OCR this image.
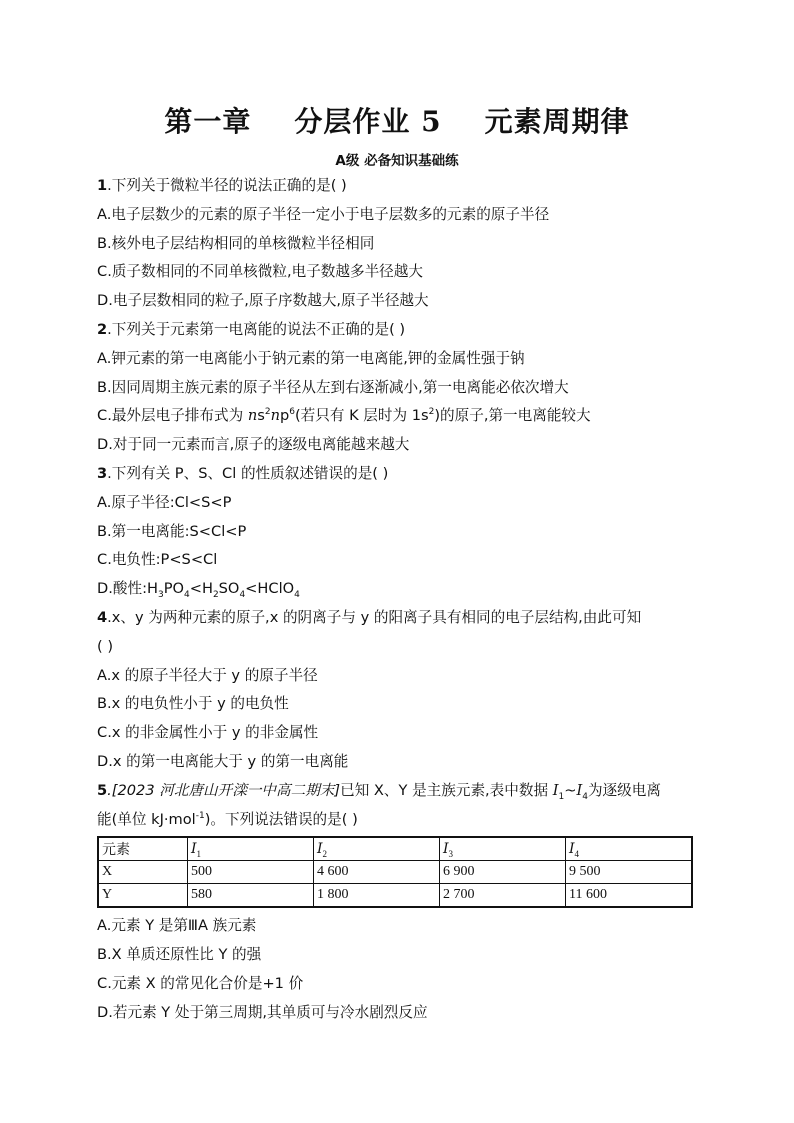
第一章    分层作业 5    元素周期律
A级 必备知识基础练
1.下列关于微粒半径的说法正确的是( )
A.电子层数少的元素的原子半径一定小于电子层数多的元素的原子半径
B.核外电子层结构相同的单核微粒半径相同
C.质子数相同的不同单核微粒,电子数越多半径越大
D.电子层数相同的粒子,原子序数越大,原子半径越大
2.下列关于元素第一电离能的说法不正确的是( )
A.钾元素的第一电离能小于钠元素的第一电离能,钾的金属性强于钠
B.因同周期主族元素的原子半径从左到右逐渐减小,第一电离能必依次增大
C.最外层电子排布式为 $ns^2np^6$(若只有 K 层时为 $1s^2$)的原子,第一电离能较大
D.对于同一元素而言,原子的逐级电离能越来越大
3.下列有关 P、S、Cl 的性质叙述错误的是( )
A.原子半径:Cl<S<P
B.第一电离能:S<Cl<P
C.电负性:P<S<Cl
D.酸性$:H_3PO_4<H_2SO_4<HClO_4$
4.x、y 为两种元素的原子,x 的阴离子与 y 的阳离子具有相同的电子层结构,由此可知
( )
A.x 的原子半径大于 y 的原子半径
B.x 的电负性小于 y 的电负性
C.x 的非金属性小于 y 的非金属性
D.x 的第一电离能大于 y 的第一电离能
5.[2023 河北唐山开滦一中高二期末]已知 X、Y 是主族元素,表中数据 $I_1\sim I_4$为逐级电离
能(单位 kJ·mol$^{-1}$)。下列说法错误的是( )
元素	$I_1$	$I_2$	$I_3$	$I_4$
X	500	4 600	6 900	9 500
Y	580	1 800	2 700	11 600
A.元素 Y 是第ⅢA 族元素
B.X 单质还原性比 Y 的强
C.元素 X 的常见化合价是+1 价
D.若元素 Y 处于第三周期,其单质可与冷水剧烈反应
